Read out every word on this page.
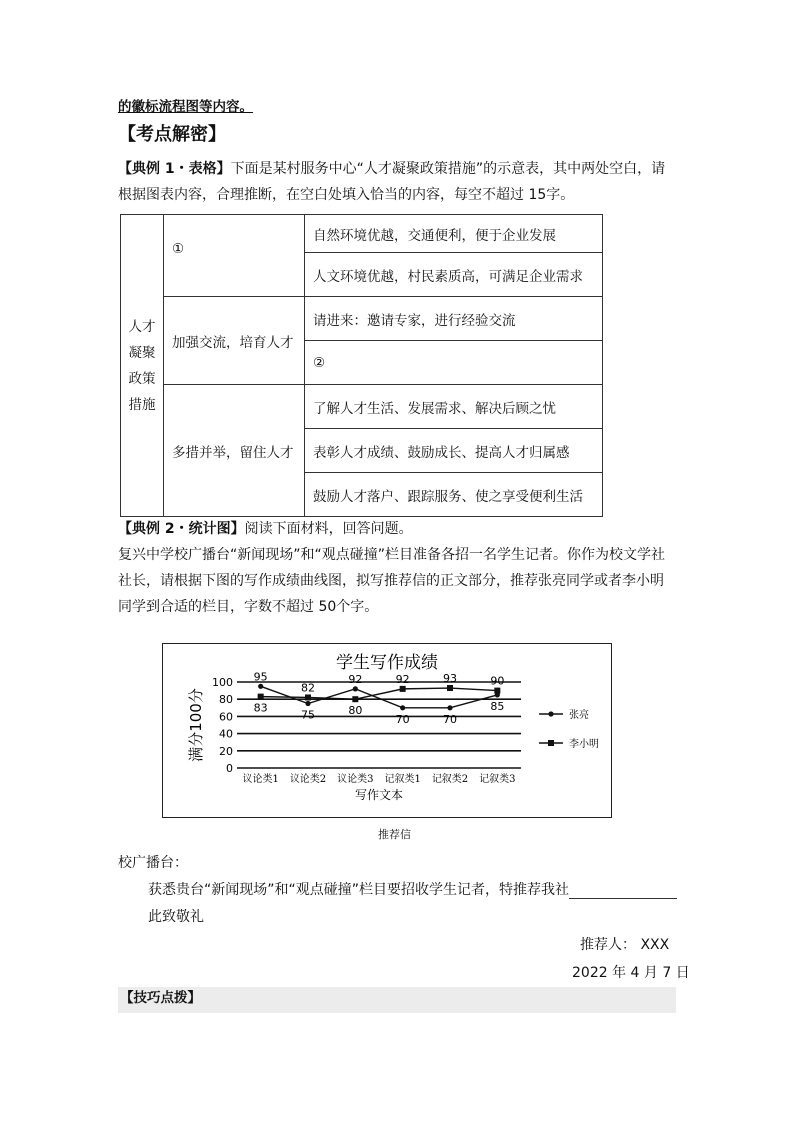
的徽标流程图等内容。
【考点解密】
【典例 1・表格】下面是某村服务中心“人才凝聚政策措施”的示意表，其中两处空白，请
根据图表内容，合理推断，在空白处填入恰当的内容，每空不超过 15字。
人才
凝聚
政策
措施	①	自然环境优越，交通便利，便于企业发展
		人文环境优越，村民素质高，可满足企业需求
	加强交流，培育人才	请进来：邀请专家，进行经验交流
		②
	多措并举，留住人才	了解人才生活、发展需求、解决后顾之忧
		表彰人才成绩、鼓励成长、提高人才归属感
		鼓励人才落户、跟踪服务、使之享受便利生活
【典例 2・统计图】阅读下面材料，回答问题。
复兴中学校广播台“新闻现场”和“观点碰撞”栏目准备各招一名学生记者。你作为校文学社
社长，请根据下图的写作成绩曲线图，拟写推荐信的正文部分，推荐张亮同学或者李小明
同学到合适的栏目，字数不超过 50个字。
学生写作成绩
0
20
40
60
80
100
议论类1 议论类2 议论类3 记叙类1 记叙类2 记叙类3
写作文本
满分100分
95
75
92
70	70
85
83
82
80
92	93	90
张亮
李小明
推荐信
校广播台：
获悉贵台“新闻现场”和“观点碰撞”栏目要招收学生记者，特推荐我社
此致敬礼
推荐人： XXX
2022 年 4 月 7 日
【技巧点拨】
